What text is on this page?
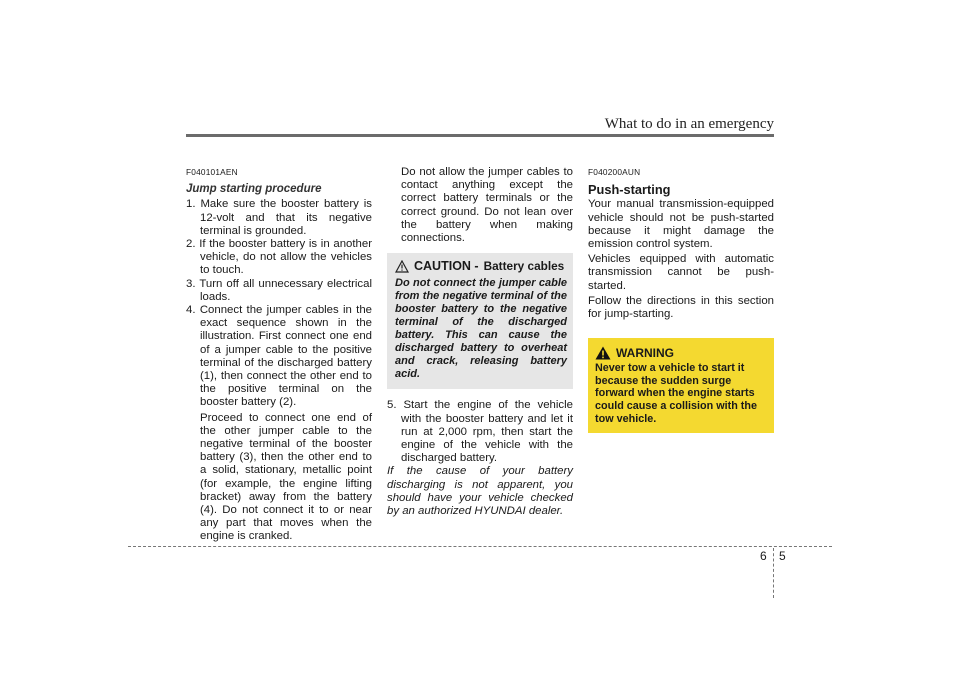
What to do in an emergency
F040101AEN
Jump starting procedure
1. Make sure the booster battery is 12-volt and that its negative terminal is grounded.
2. If the booster battery is in another vehicle, do not allow the vehicles to touch.
3. Turn off all unnecessary electrical loads.
4. Connect the jumper cables in the exact sequence shown in the illustration. First connect one end of a jumper cable to the positive terminal of the discharged battery (1), then connect the other end to the positive terminal on the booster battery (2).

Proceed to connect one end of the other jumper cable to the negative terminal of the booster battery (3), then the other end to a solid, stationary, metallic point (for example, the engine lifting bracket) away from the battery (4). Do not connect it to or near any part that moves when the engine is cranked.

Do not allow the jumper cables to contact anything except the correct battery terminals or the correct ground. Do not lean over the battery when making connections.

CAUTION - Battery cables
Do not connect the jumper cable from the negative terminal of the booster battery to the negative terminal of the discharged battery. This can cause the discharged battery to overheat and crack, releasing battery acid.
5. Start the engine of the vehicle with the booster battery and let it run at 2,000 rpm, then start the engine of the vehicle with the discharged battery.

If the cause of your battery discharging is not apparent, you should have your vehicle checked by an authorized HYUNDAI dealer.

F040200AUN
Push-starting

Your manual transmission-equipped vehicle should not be push-started because it might damage the emission control system.

Vehicles equipped with automatic transmission cannot be push-started.

Follow the directions in this section for jump-starting.

WARNING
Never tow a vehicle to start it because the sudden surge forward when the engine starts could cause a collision with the tow vehicle.
6 5
